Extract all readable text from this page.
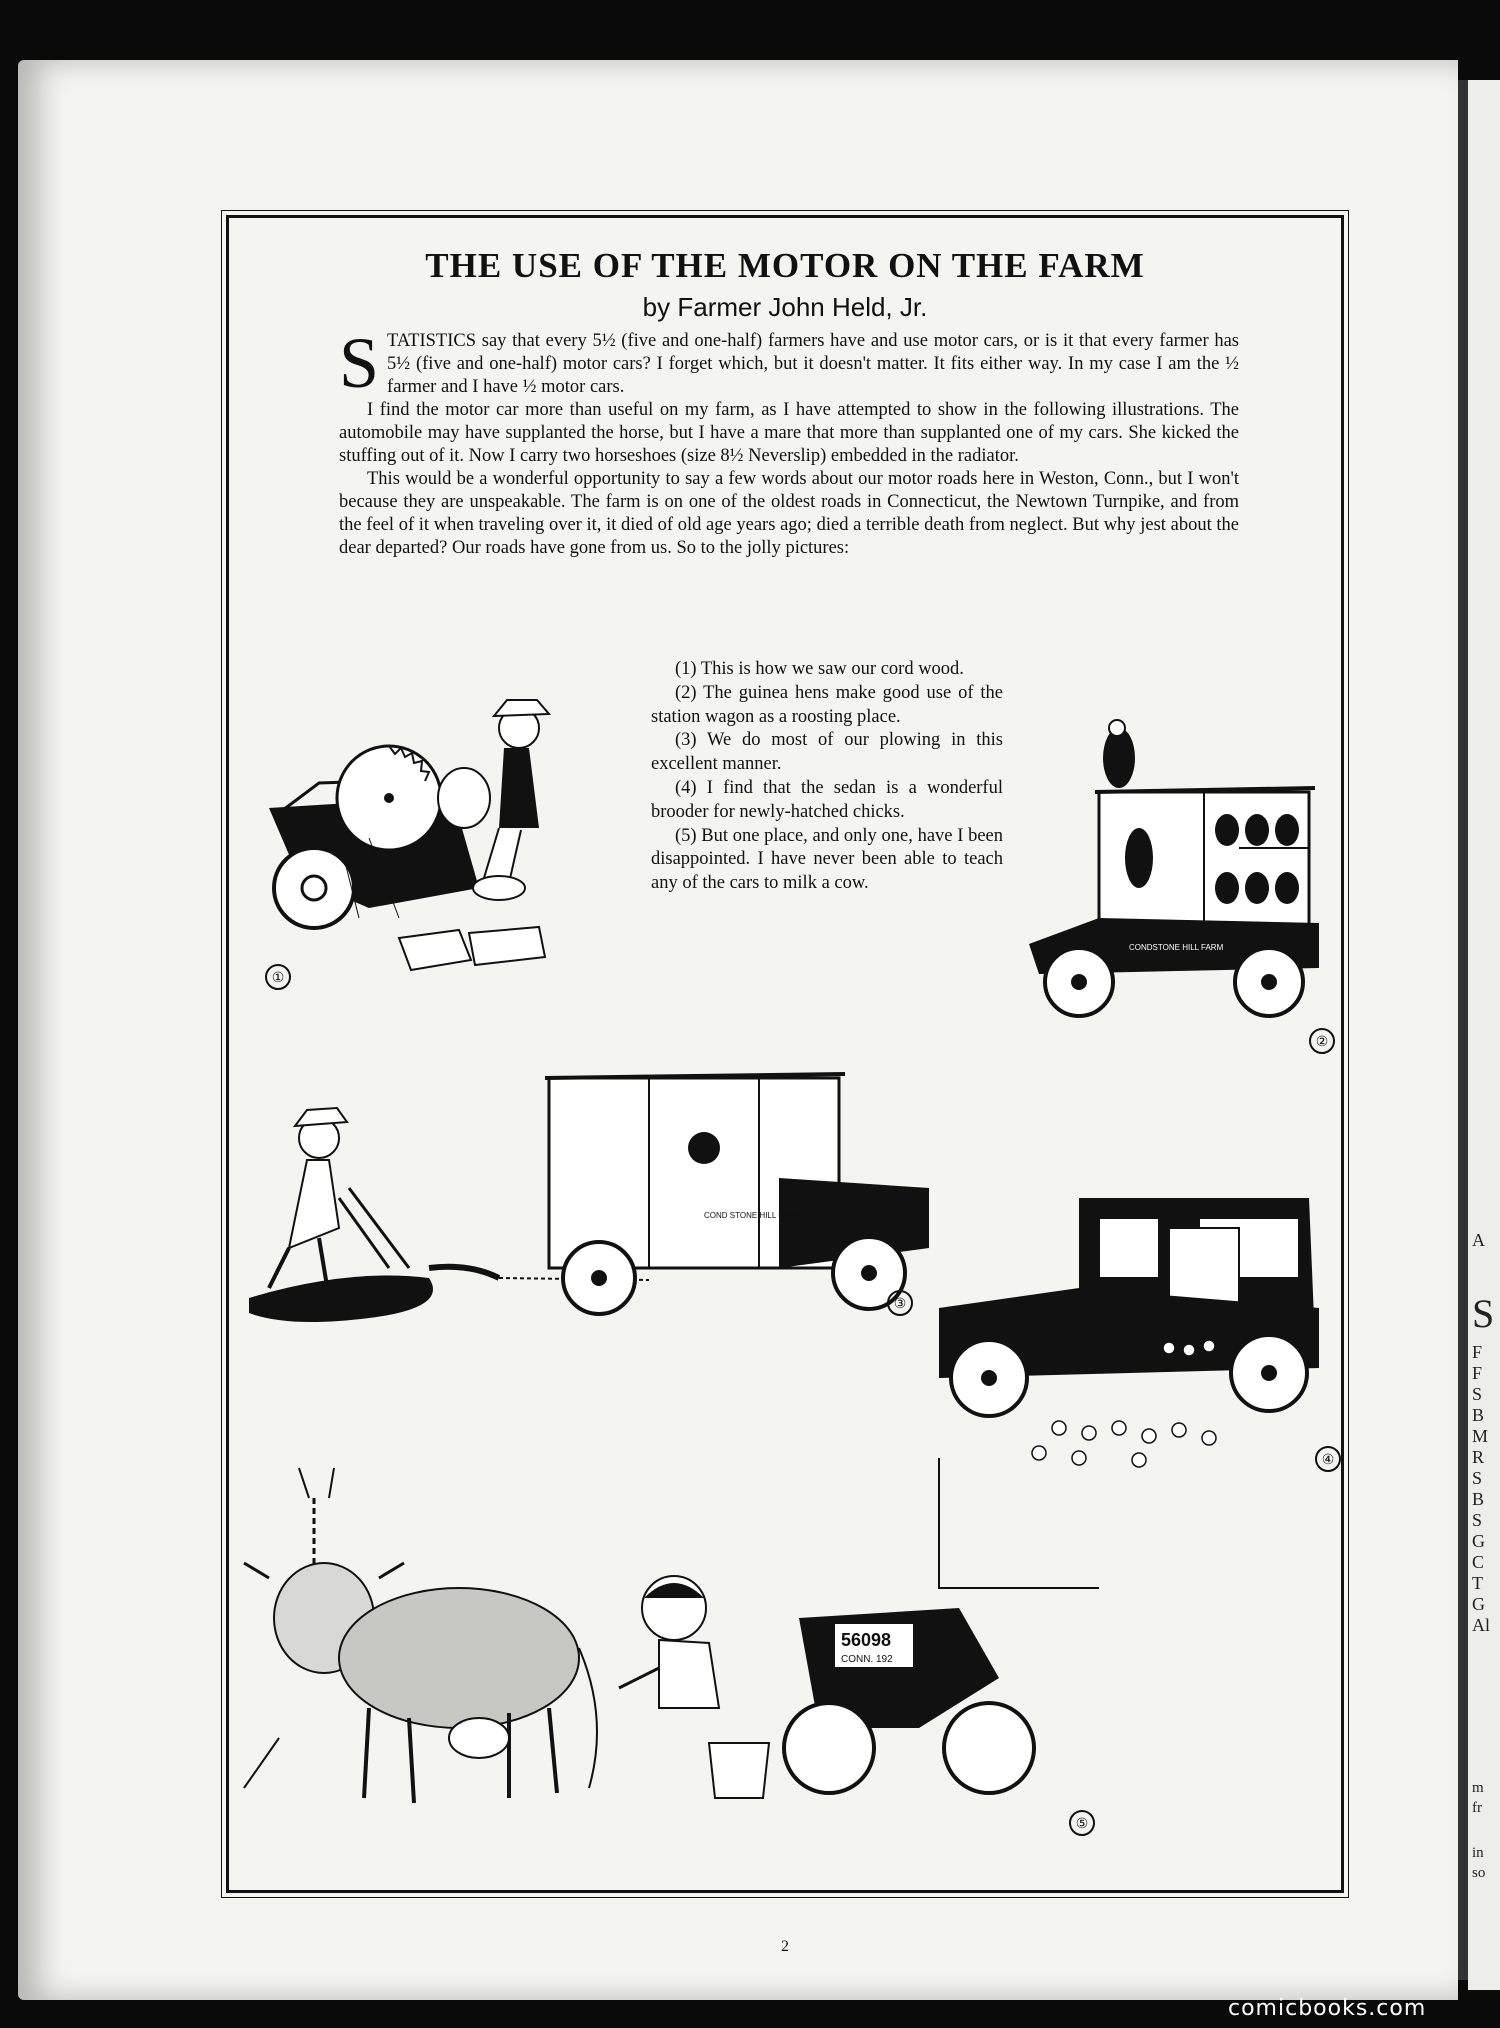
THE USE OF THE MOTOR ON THE FARM
by Farmer John Held, Jr.

STATISTICS say that every 5½ (five and one-half) farmers have and use motor cars, or is it that every farmer has 5½ (five and one-half) motor cars? I forget which, but it doesn't matter. It fits either way. In my case I am the ½ farmer and I have ½ motor cars.

I find the motor car more than useful on my farm, as I have attempted to show in the following illustrations. The automobile may have supplanted the horse, but I have a mare that more than supplanted one of my cars. She kicked the stuffing out of it. Now I carry two horseshoes (size 8½ Neverslip) embedded in the radiator.

This would be a wonderful opportunity to say a few words about our motor roads here in Weston, Conn., but I won't because they are unspeakable. The farm is on one of the oldest roads in Connecticut, the Newtown Turnpike, and from the feel of it when traveling over it, it died of old age years ago; died a terrible death from neglect. But why jest about the dear departed? Our roads have gone from us. So to the jolly pictures:

(1) This is how we saw our cord wood.

(2) The guinea hens make good use of the station wagon as a roosting place.

(3) We do most of our plowing in this excellent manner.

(4) I find that the sedan is a wonderful brooder for newly-hatched chicks.

(5) But one place, and only one, have I been disappointed. I have never been able to teach any of the cars to milk a cow.

①
CONDSTONE HILL FARM
②
COND STONE HILL FARM
③
④
56098
CONN. 192
⑤
2
A
S
F
F
S
B
M
R
S
B
S
G
C
T
G
Al
m
fr
in
so
comicbooks.com
